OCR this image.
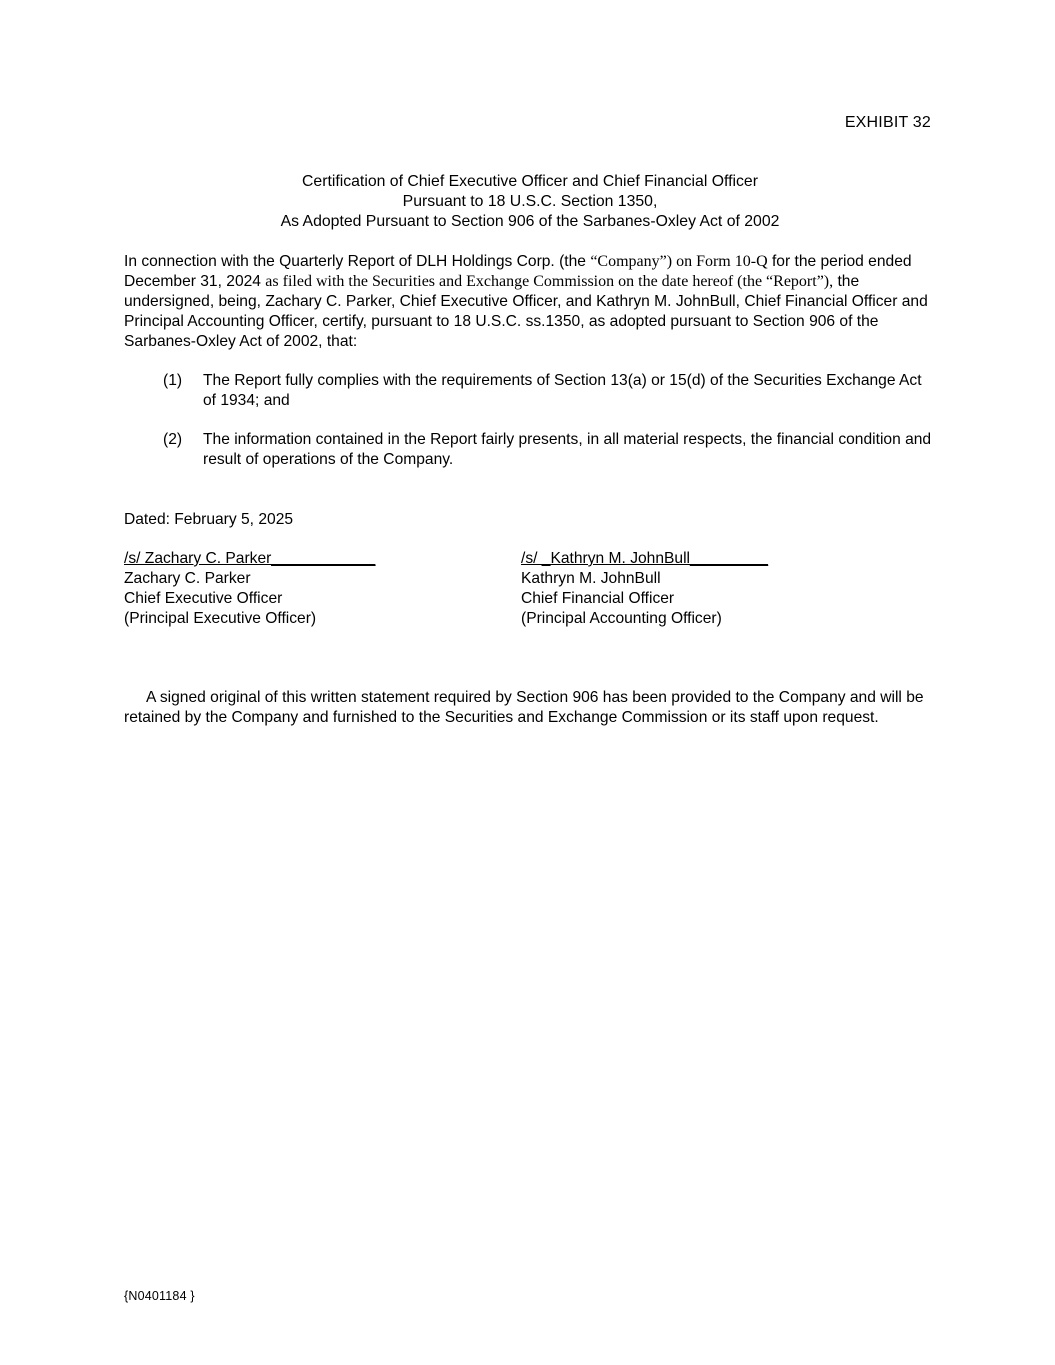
EXHIBIT 32
Certification of Chief Executive Officer and Chief Financial Officer
Pursuant to 18 U.S.C. Section 1350,
As Adopted Pursuant to Section 906 of the Sarbanes-Oxley Act of 2002
In connection with the Quarterly Report of DLH Holdings Corp. (the “Company”) on Form 10-Q for the period ended December 31, 2024 as filed with the Securities and Exchange Commission on the date hereof (the “Report”), the undersigned, being, Zachary C. Parker, Chief Executive Officer, and Kathryn M. JohnBull, Chief Financial Officer and Principal Accounting Officer, certify, pursuant to 18 U.S.C. ss.1350, as adopted pursuant to Section 906 of the Sarbanes-Oxley Act of 2002, that:
(1)	The Report fully complies with the requirements of Section 13(a) or 15(d) of the Securities Exchange Act of 1934; and
(2)	The information contained in the Report fairly presents, in all material respects, the financial condition and result of operations of the Company.
Dated: February 5, 2025
/s/ Zachary C. Parker____________
Zachary C. Parker
Chief Executive Officer
(Principal Executive Officer)
/s/ _Kathryn M. JohnBull_________
Kathryn M. JohnBull
Chief Financial Officer
(Principal Accounting Officer)
A signed original of this written statement required by Section 906 has been provided to the Company and will be retained by the Company and furnished to the Securities and Exchange Commission or its staff upon request.
{N0401184 }
